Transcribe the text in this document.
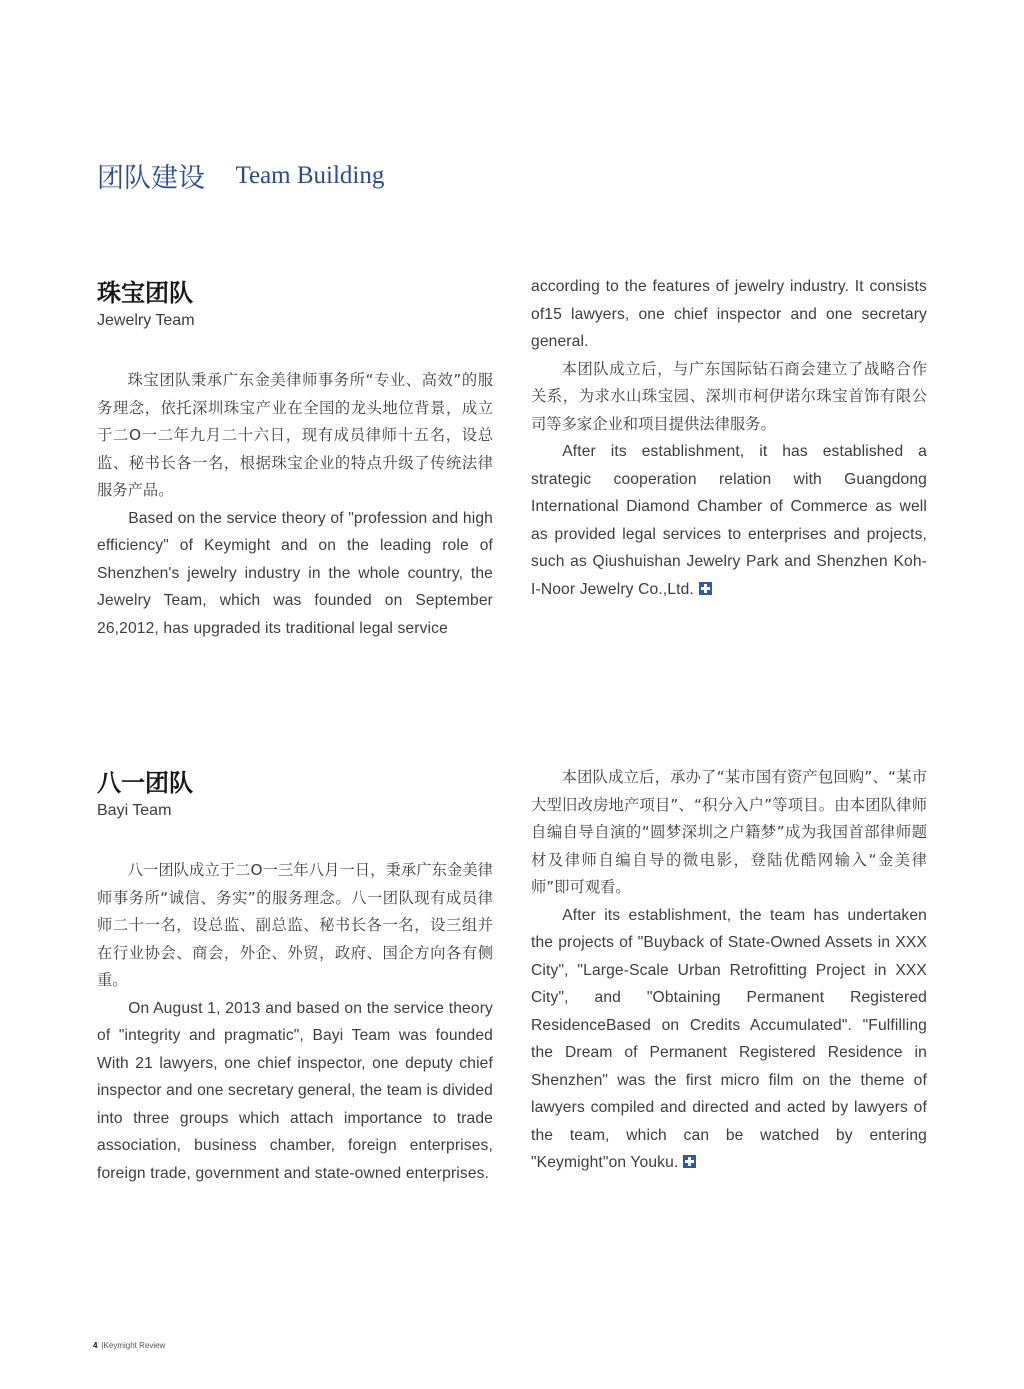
团队建设 Team Building
珠宝团队
Jewelry Team

珠宝团队秉承广东金美律师事务所“专业、高效”的服务理念，依托深圳珠宝产业在全国的龙头地位背景，成立于二O一二年九月二十六日，现有成员律师十五名，设总监、秘书长各一名，根据珠宝企业的特点升级了传统法律服务产品。

Based on the service theory of "profession and high efficiency" of Keymight and on the leading role of Shenzhen's jewelry industry in the whole country, the Jewelry Team, which was founded on September 26,2012, has upgraded its traditional legal service

according to the features of jewelry industry. It consists of15 lawyers, one chief inspector and one secretary general.

本团队成立后，与广东国际钻石商会建立了战略合作关系，为求水山珠宝园、深圳市柯伊诺尔珠宝首饰有限公司等多家企业和项目提供法律服务。

After its establishment, it has established a strategic cooperation relation with Guangdong International Diamond Chamber of Commerce as well as provided legal services to enterprises and projects, such as Qiushuishan Jewelry Park and Shenzhen Koh-I-Noor Jewelry Co.,Ltd.

八一团队
Bayi Team

八一团队成立于二O一三年八月一日，秉承广东金美律师事务所“诚信、务实”的服务理念。八一团队现有成员律师二十一名，设总监、副总监、秘书长各一名，设三组并在行业协会、商会，外企、外贸，政府、国企方向各有侧重。

On August 1, 2013 and based on the service theory of "integrity and pragmatic", Bayi Team was founded With 21 lawyers, one chief inspector, one deputy chief inspector and one secretary general, the team is divided into three groups which attach importance to trade association, business chamber, foreign enterprises, foreign trade, government and state-owned enterprises.

本团队成立后，承办了“某市国有资产包回购”、“某市大型旧改房地产项目”、“积分入户”等项目。由本团队律师自编自导自演的“圆梦深圳之户籍梦”成为我国首部律师题材及律师自编自导的微电影，登陆优酷网输入“金美律师”即可观看。

After its establishment, the team has undertaken the projects of "Buyback of State-Owned Assets in XXX City", "Large-Scale Urban Retrofitting Project in XXX City", and "Obtaining Permanent Registered ResidenceBased on Credits Accumulated". "Fulfilling the Dream of Permanent Registered Residence in Shenzhen" was the first micro film on the theme of lawyers compiled and directed and acted by lawyers of the team, which can be watched by entering "Keymight"on Youku.

4 |Keymight Review
